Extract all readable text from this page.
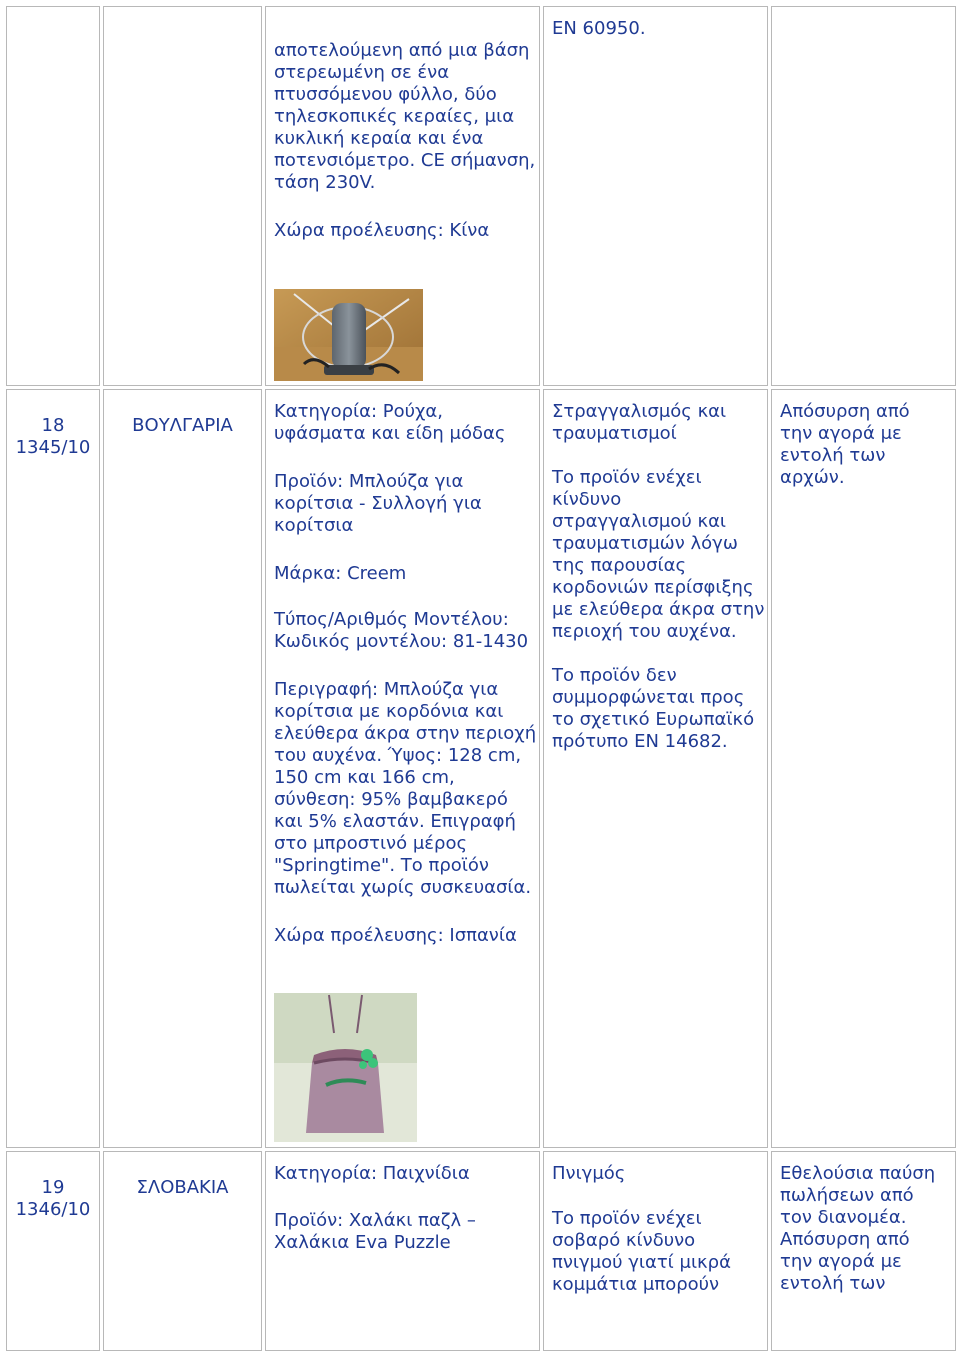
αποτελούμενη από μια βάση
στερεωμένη σε ένα
πτυσσόμενου φύλλο, δύο
τηλεσκοπικές κεραίες, μια
κυκλική κεραία και ένα
ποτενσιόμετρο. CE σήμανση,
τάση 230V.
Χώρα προέλευσης: Κίνα
EN 60950.
18
1345/10
ΒΟΥΛΓΑΡΙΑ
Κατηγορία: Ρούχα,
υφάσματα και είδη μόδας
Προϊόν: Μπλούζα για
κορίτσια - Συλλογή για
κορίτσια
Μάρκα: Creem
Τύπος/Αριθμός Μοντέλου:
Κωδικός μοντέλου: 81-1430
Περιγραφή: Μπλούζα για
κορίτσια με κορδόνια και
ελεύθερα άκρα στην περιοχή
του αυχένα. Ύψος: 128 cm,
150 cm και 166 cm,
σύνθεση: 95% βαμβακερό
και 5% ελαστάν. Επιγραφή
στο μπροστινό μέρος
"Springtime". Το προϊόν
πωλείται χωρίς συσκευασία.
Χώρα προέλευσης: Ισπανία
Στραγγαλισμός και
τραυματισμοί
Το προϊόν ενέχει
κίνδυνο
στραγγαλισμού και
τραυματισμών λόγω
της παρουσίας
κορδονιών περίσφιξης
με ελεύθερα άκρα στην
περιοχή του αυχένα.
Το προϊόν δεν
συμμορφώνεται προς
το σχετικό Ευρωπαϊκό
πρότυπο EN 14682.
Απόσυρση από
την αγορά με
εντολή των
αρχών.
19
1346/10
ΣΛΟΒΑΚΙΑ
Κατηγορία: Παιχνίδια
Προϊόν: Χαλάκι παζλ –
Χαλάκια Eva Puzzle
Πνιγμός
Το προϊόν ενέχει
σοβαρό κίνδυνο
πνιγμού γιατί μικρά
κομμάτια μπορούν
Εθελούσια παύση
πωλήσεων από
τον διανομέα.
Απόσυρση από
την αγορά με
εντολή των
